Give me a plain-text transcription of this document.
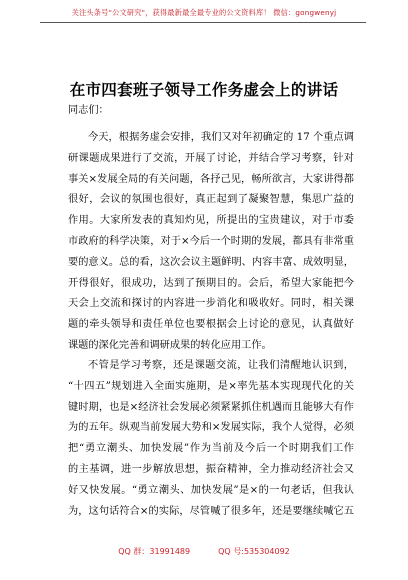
关注头条号"公文研究"，获得最新最全最专业的公文资料库！ 微信：gongwenyj
在市四套班子领导工作务虚会上的讲话
同志们：
今天，根据务虚会安排，我们又对年初确定的 17 个重点调
研课题成果进行了交流，开展了讨论，并结合学习考察，针对
事关×发展全局的有关问题，各抒己见，畅所欲言，大家讲得都
很好，会议的氛围也很好，真正起到了凝聚智慧，集思广益的
作用。大家所发表的真知灼见，所提出的宝贵建议，对于市委
市政府的科学决策，对于×今后一个时期的发展，都具有非常重
要的意义。总的看，这次会议主题鲜明、内容丰富、成效明显，
开得很好，很成功，达到了预期目的。会后，希望大家能把今
天会上交流和探讨的内容进一步消化和吸收好。同时，相关课
题的牵头领导和责任单位也要根据会上讨论的意见，认真做好
课题的深化完善和调研成果的转化应用工作。
不管是学习考察，还是课题交流，让我们清醒地认识到，
“十四五”规划进入全面实施期，是×率先基本实现现代化的关
键时期，也是×经济社会发展必须紧紧抓住机遇而且能够大有作
为的五年。纵观当前发展大势和×发展实际，我个人觉得，必须
把“勇立潮头、加快发展”作为当前及今后一个时期我们工作
的主基调，进一步解放思想，振奋精神，全力推动经济社会又
好又快发展。“勇立潮头、加快发展”是×的一句老话，但我认
为，这句话符合×的实际，尽管喊了很多年，还是要继续喊它五
QQ 群：31991489	QQ 号:535304092
